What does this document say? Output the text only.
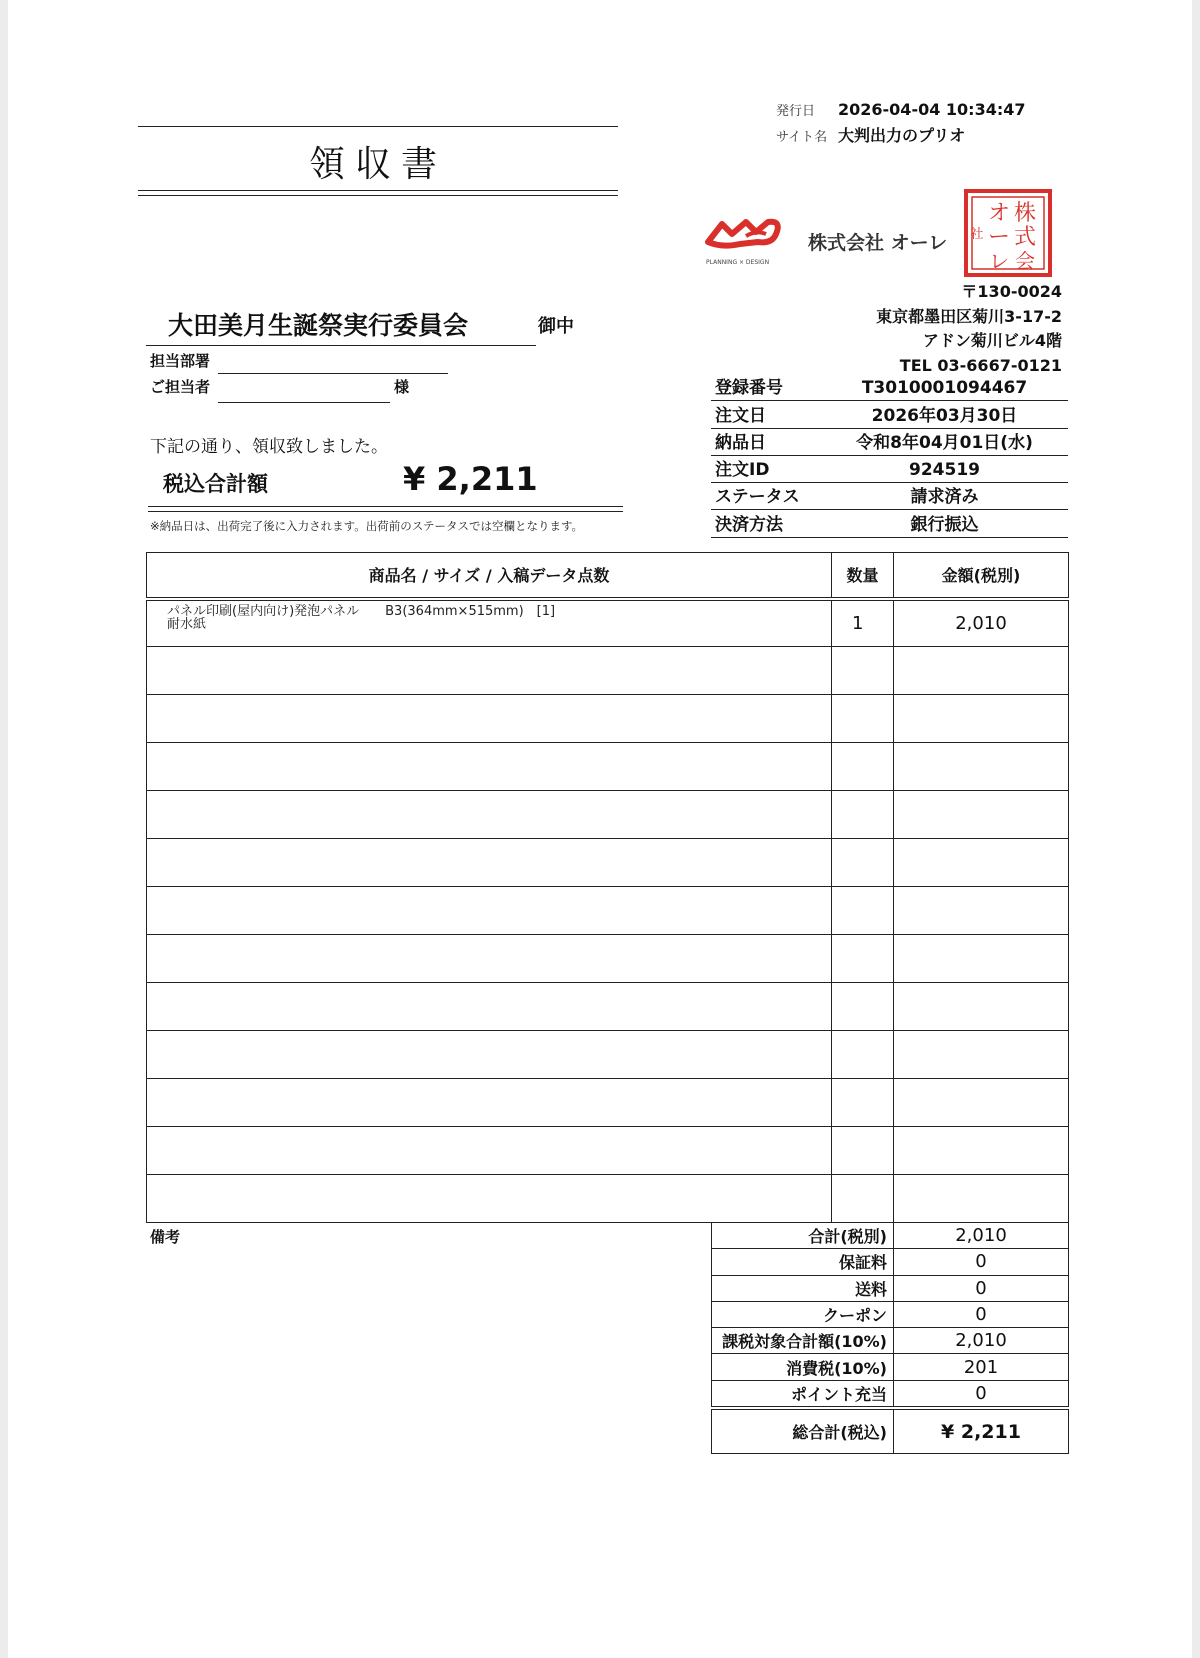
発行日	2026-04-04 10:34:47
サイト名 大判出力のプリオ
領収書
PLANNING × DESIGN
株式会社 オーレ
株
式
会
オ
ー
レ
社
〒130-0024
東京都墨田区菊川3-17-2
アドン菊川ビル4階
TEL 03-6667-0121
大田美月生誕祭実行委員会	御中
担当部署
ご担当者	様
下記の通り、領収致しました。
税込合計額	¥ 2,211
※納品日は、出荷完了後に入力されます。出荷前のステータスでは空欄となります。
登録番号	T3010001094467
注文日	2026年03月30日
納品日	令和8年04月01日(水)
注文ID	924519
ステータス	請求済み
決済方法	銀行振込
商品名 / サイズ / 入稿データ点数	数量	金額(税別)

パネル印刷(屋内向け)発泡パネル　　B3(364mm×515mm)　[1]
耐水紙	1	2,010

備考	合計(税別)	2,010
保証料	0
送料	0
クーポン	0
課税対象合計額(10%)	2,010
消費税(10%)	201
ポイント充当	0
総合計(税込)	¥ 2,211
